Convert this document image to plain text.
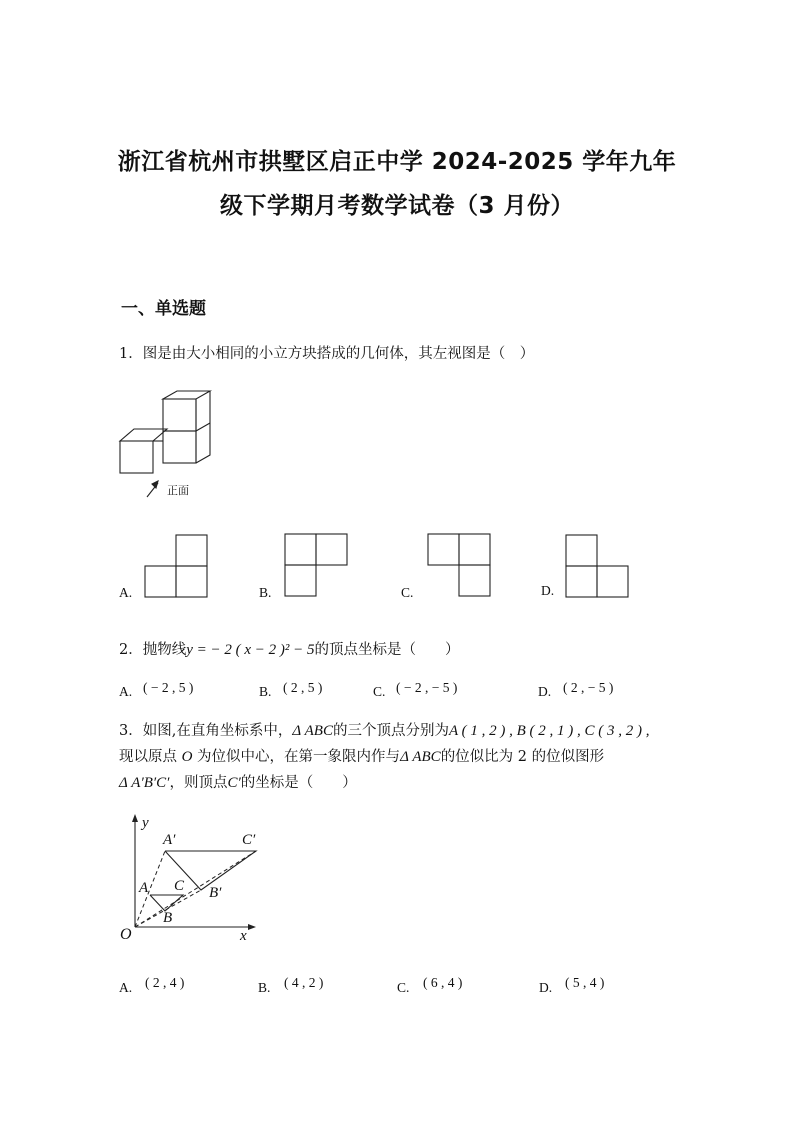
浙江省杭州市拱墅区启正中学 2024-2025 学年九年
级下学期月考数学试卷（3 月份）
一、单选题
1．图是由大小相同的小立方块搭成的几何体，其左视图是（　）
正面
A.	B.	C.	D.
2．抛物线y = − 2 ( x − 2 )² − 5的顶点坐标是（　　）
A. ( − 2 , 5 )	B. ( 2 , 5 )	C. ( − 2 , − 5 )	D. ( 2 , − 5 )
3．如图,在直角坐标系中，Δ ABC的三个顶点分别为A ( 1 , 2 ) , B ( 2 , 1 ) , C ( 3 , 2 ) ,
现以原点 O 为位似中心，在第一象限内作与Δ ABC的位似比为 2 的位似图形
Δ A′B′C′，则顶点C′的坐标是（　　）
y
x
O
A
B
C
A′
B′
C′
A. ( 2 , 4 )	B. ( 4 , 2 )	C. ( 6 , 4 )	D. ( 5 , 4 )
